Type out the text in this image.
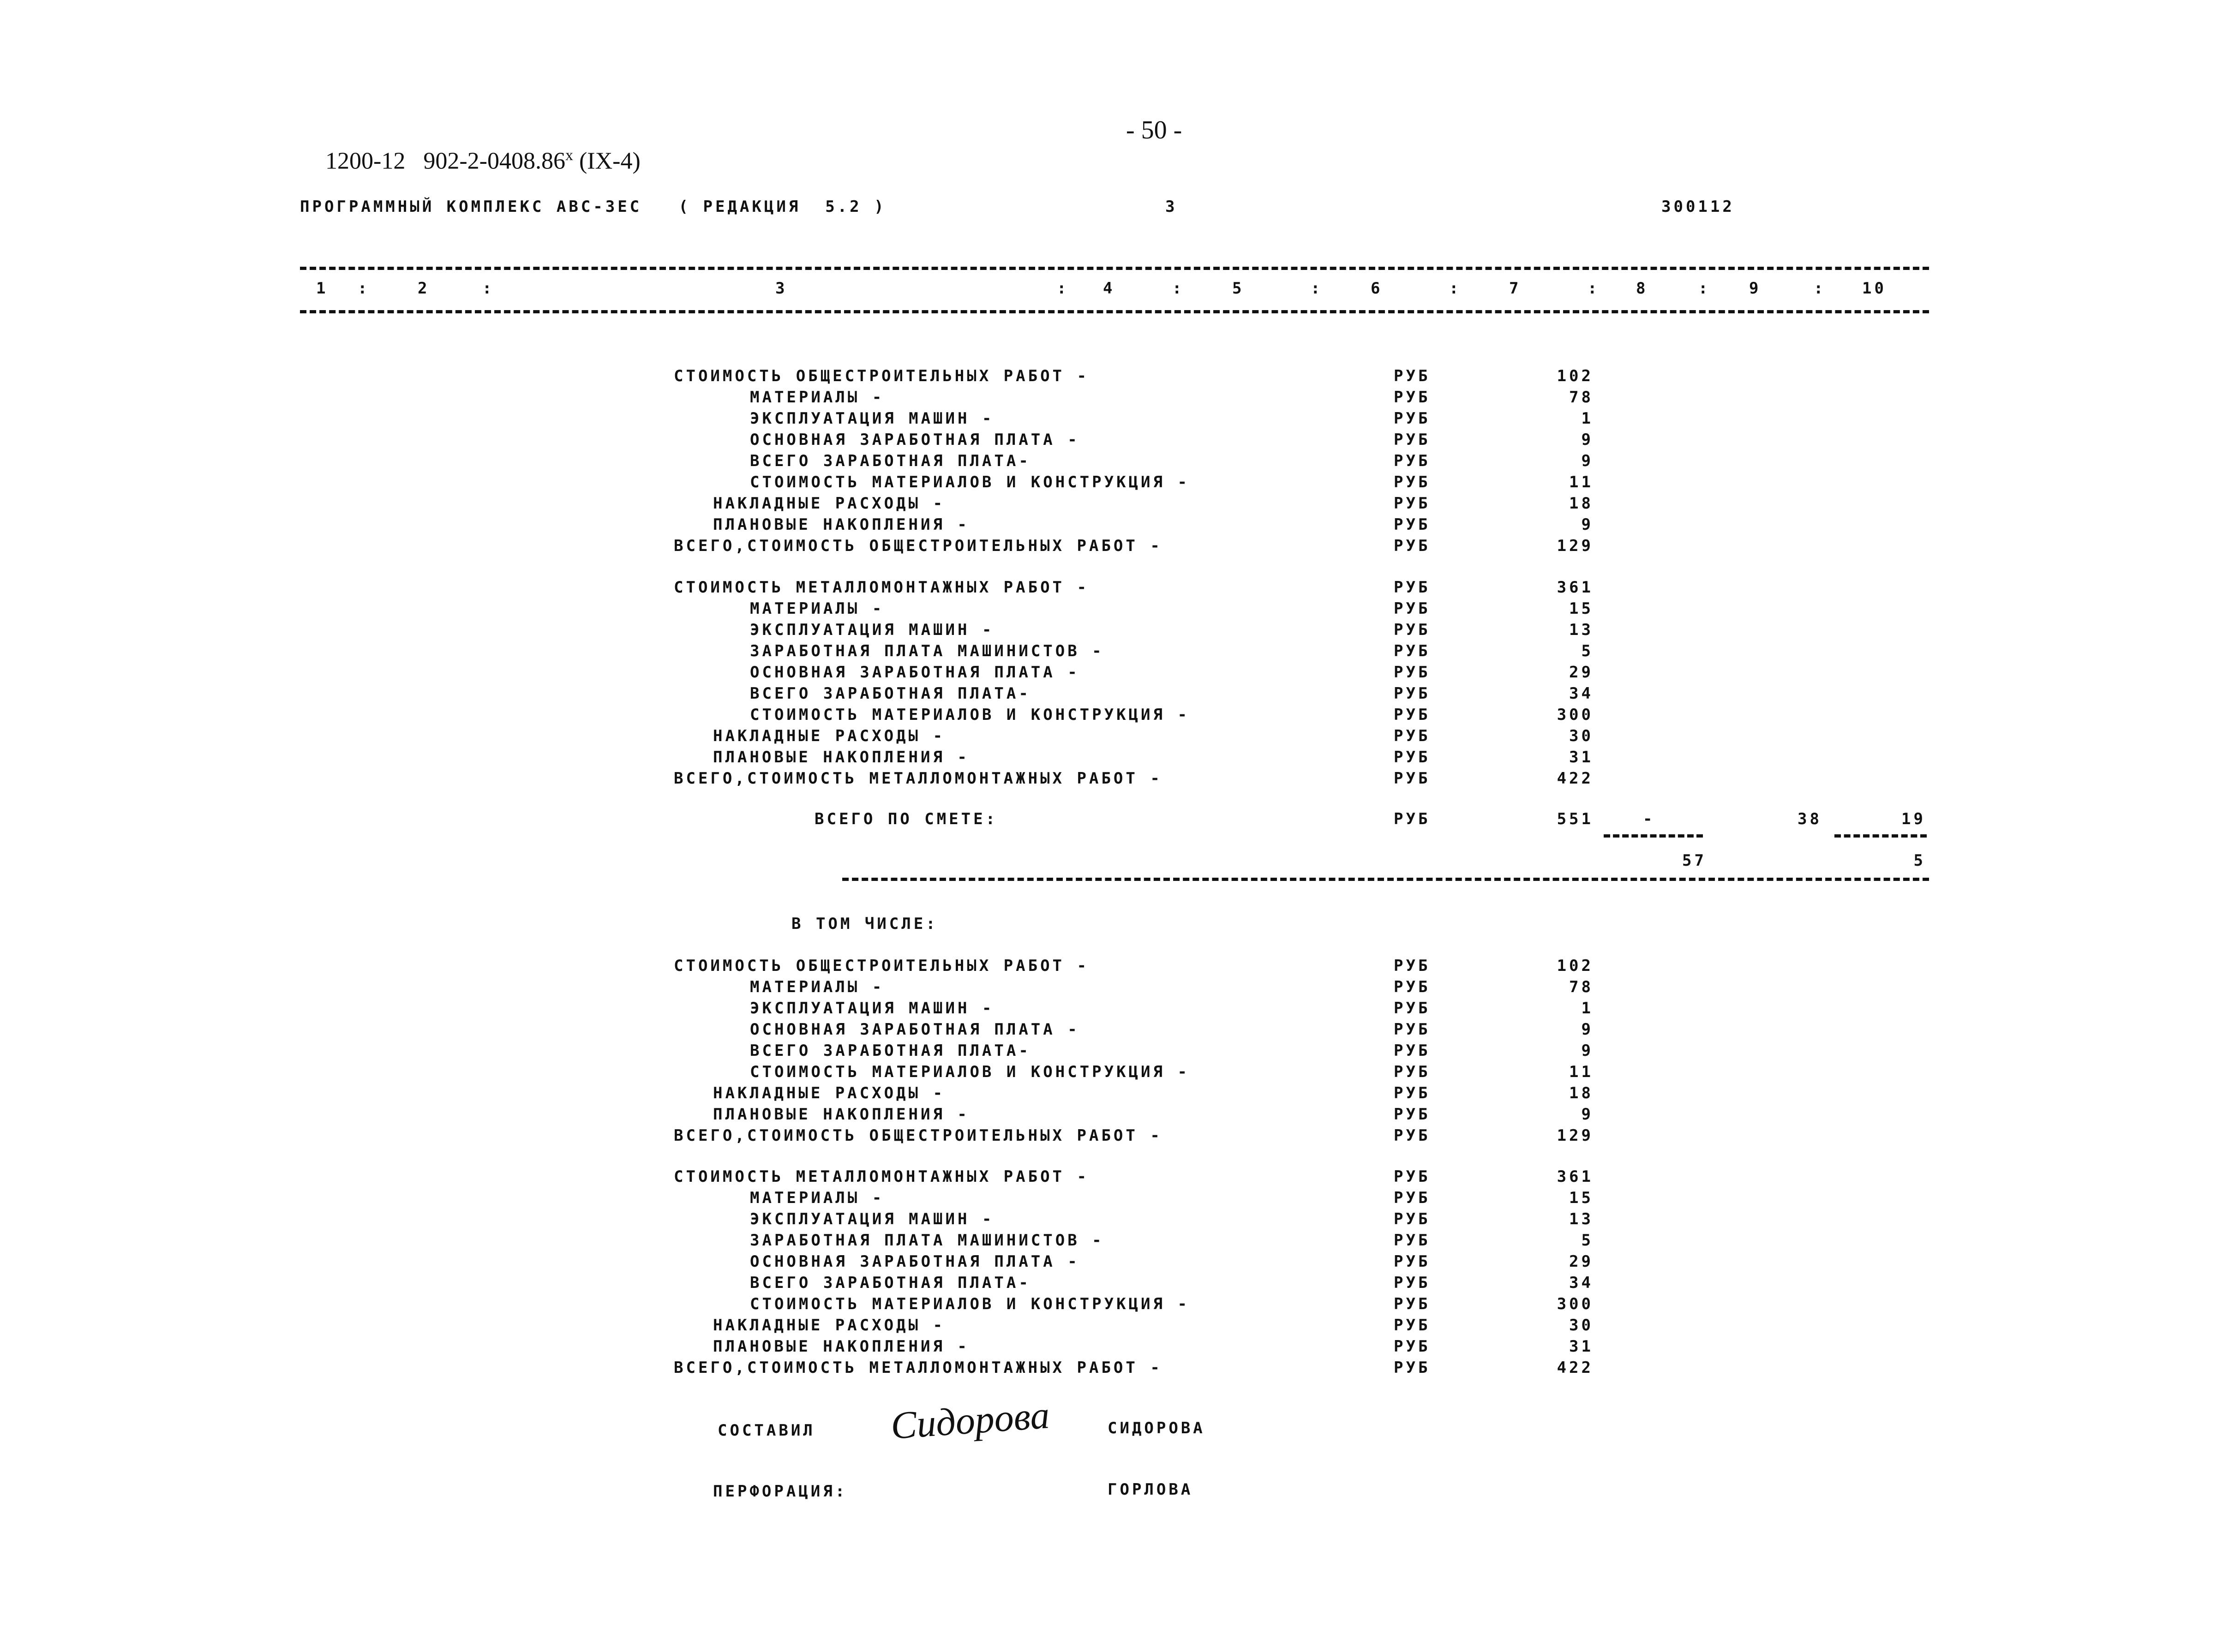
- 50 -
1200-12   902-2-0408.86$^x$ (IX-4)
ПРОГРАММНЫЙ КОМПЛЕКС АВС-3ЕС   ( РЕДАКЦИЯ  5.2 )	3	300112
1 :	2	:	3	: 4	:	5	:	6	:	7	: 8	: 9	: 10
СТОИМОСТЬ ОБЩЕСТРОИТЕЛЬНЫХ РАБОТ -	РУБ	102
МАТЕРИАЛЫ -	РУБ	78
ЭКСПЛУАТАЦИЯ МАШИН -	РУБ	1
ОСНОВНАЯ ЗАРАБОТНАЯ ПЛАТА -	РУБ	9
ВСЕГО ЗАРАБОТНАЯ ПЛАТА-	РУБ	9
СТОИМОСТЬ МАТЕРИАЛОВ И КОНСТРУКЦИЯ -	РУБ	11
НАКЛАДНЫЕ РАСХОДЫ -	РУБ	18
ПЛАНОВЫЕ НАКОПЛЕНИЯ -	РУБ	9
ВСЕГО,СТОИМОСТЬ ОБЩЕСТРОИТЕЛЬНЫХ РАБОТ -	РУБ	129
СТОИМОСТЬ МЕТАЛЛОМОНТАЖНЫХ РАБОТ -	РУБ	361
МАТЕРИАЛЫ -	РУБ	15
ЭКСПЛУАТАЦИЯ МАШИН -	РУБ	13
ЗАРАБОТНАЯ ПЛАТА МАШИНИСТОВ -	РУБ	5
ОСНОВНАЯ ЗАРАБОТНАЯ ПЛАТА -	РУБ	29
ВСЕГО ЗАРАБОТНАЯ ПЛАТА-	РУБ	34
СТОИМОСТЬ МАТЕРИАЛОВ И КОНСТРУКЦИЯ -	РУБ	300
НАКЛАДНЫЕ РАСХОДЫ -	РУБ	30
ПЛАНОВЫЕ НАКОПЛЕНИЯ -	РУБ	31
ВСЕГО,СТОИМОСТЬ МЕТАЛЛОМОНТАЖНЫХ РАБОТ -	РУБ	422
ВСЕГО ПО СМЕТЕ:	РУБ	551	-	38	19
57	5
В ТОМ ЧИСЛЕ:
СТОИМОСТЬ ОБЩЕСТРОИТЕЛЬНЫХ РАБОТ -	РУБ	102
МАТЕРИАЛЫ -	РУБ	78
ЭКСПЛУАТАЦИЯ МАШИН -	РУБ	1
ОСНОВНАЯ ЗАРАБОТНАЯ ПЛАТА -	РУБ	9
ВСЕГО ЗАРАБОТНАЯ ПЛАТА-	РУБ	9
СТОИМОСТЬ МАТЕРИАЛОВ И КОНСТРУКЦИЯ -	РУБ	11
НАКЛАДНЫЕ РАСХОДЫ -	РУБ	18
ПЛАНОВЫЕ НАКОПЛЕНИЯ -	РУБ	9
ВСЕГО,СТОИМОСТЬ ОБЩЕСТРОИТЕЛЬНЫХ РАБОТ -	РУБ	129
СТОИМОСТЬ МЕТАЛЛОМОНТАЖНЫХ РАБОТ -	РУБ	361
МАТЕРИАЛЫ -	РУБ	15
ЭКСПЛУАТАЦИЯ МАШИН -	РУБ	13
ЗАРАБОТНАЯ ПЛАТА МАШИНИСТОВ -	РУБ	5
ОСНОВНАЯ ЗАРАБОТНАЯ ПЛАТА -	РУБ	29
ВСЕГО ЗАРАБОТНАЯ ПЛАТА-	РУБ	34
СТОИМОСТЬ МАТЕРИАЛОВ И КОНСТРУКЦИЯ -	РУБ	300
НАКЛАДНЫЕ РАСХОДЫ -	РУБ	30
ПЛАНОВЫЕ НАКОПЛЕНИЯ -	РУБ	31
ВСЕГО,СТОИМОСТЬ МЕТАЛЛОМОНТАЖНЫХ РАБОТ -	РУБ	422
СОСТАВИЛ Сидорова	СИДОРОВА
ПЕРФОРАЦИЯ:	ГОРЛОВА
